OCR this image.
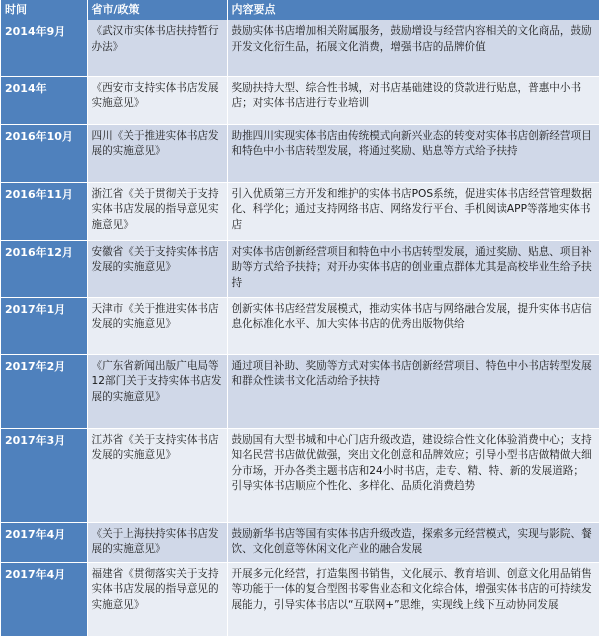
时间	省市/政策	内容要点
2014年9月	《武汉市实体书店扶持暂行办法》	鼓励实体书店增加相关附属服务，鼓励增设与经营内容相关的文化商品，鼓励开发文化衍生品，拓展文化消费，增强书店的品牌价值
2014年	《西安市支持实体书店发展实施意见》	奖励扶持大型、综合性书城，对书店基础建设的贷款进行贴息，普惠中小书店；对实体书店进行专业培训
2016年10月	四川《关于推进实体书店发展的实施意见》	助推四川实现实体书店由传统模式向新兴业态的转变对实体书店创新经营项目和特色中小书店转型发展，将通过奖励、贴息等方式给予扶持
2016年11月	浙江省《关于贯彻关于支持实体书店发展的指导意见实施意见》	引入优质第三方开发和维护的实体书店POS系统，促进实体书店经营管理数据化、科学化；通过支持网络书店、网络发行平台、手机阅读APP等落地实体书店
2016年12月	安徽省《关于支持实体书店发展的实施意见》	对实体书店创新经营项目和特色中小书店转型发展，通过奖励、贴息、项目补助等方式给予扶持；对开办实体书店的创业重点群体尤其是高校毕业生给予扶持
2017年1月	天津市《关于推进实体书店发展的实施意见》	创新实体书店经营发展模式，推动实体书店与网络融合发展，提升实体书店信息化标准化水平、加大实体书店的优秀出版物供给
2017年2月	《广东省新闻出版广电局等12部门关于支持实体书店发展的实施意见》	通过项目补助、奖励等方式对实体书店创新经营项目、特色中小书店转型发展和群众性读书文化活动给予扶持
2017年3月	江苏省《关于支持实体书店发展的实施意见》	鼓励国有大型书城和中心门店升级改造，建设综合性文化体验消费中心；支持知名民营书店做优做强，突出文化创意和品牌效应；引导小型书店做精做大细分市场，开办各类主题书店和24小时书店，走专、精、特、新的发展道路；引导实体书店顺应个性化、多样化、品质化消费趋势
2017年4月	《关于上海扶持实体书店发展的实施意见》	鼓励新华书店等国有实体书店升级改造，探索多元经营模式，实现与影院、餐饮、文化创意等休闲文化产业的融合发展
2017年4月	福建省《贯彻落实关于支持实体书店发展的指导意见的实施意见》	开展多元化经营，打造集图书销售，文化展示、教育培训、创意文化用品销售等功能于一体的复合型图书零售业态和文化综合体，增强实体书店的可持续发展能力，引导实体书店以“互联网+”思维，实现线上线下互动协同发展
